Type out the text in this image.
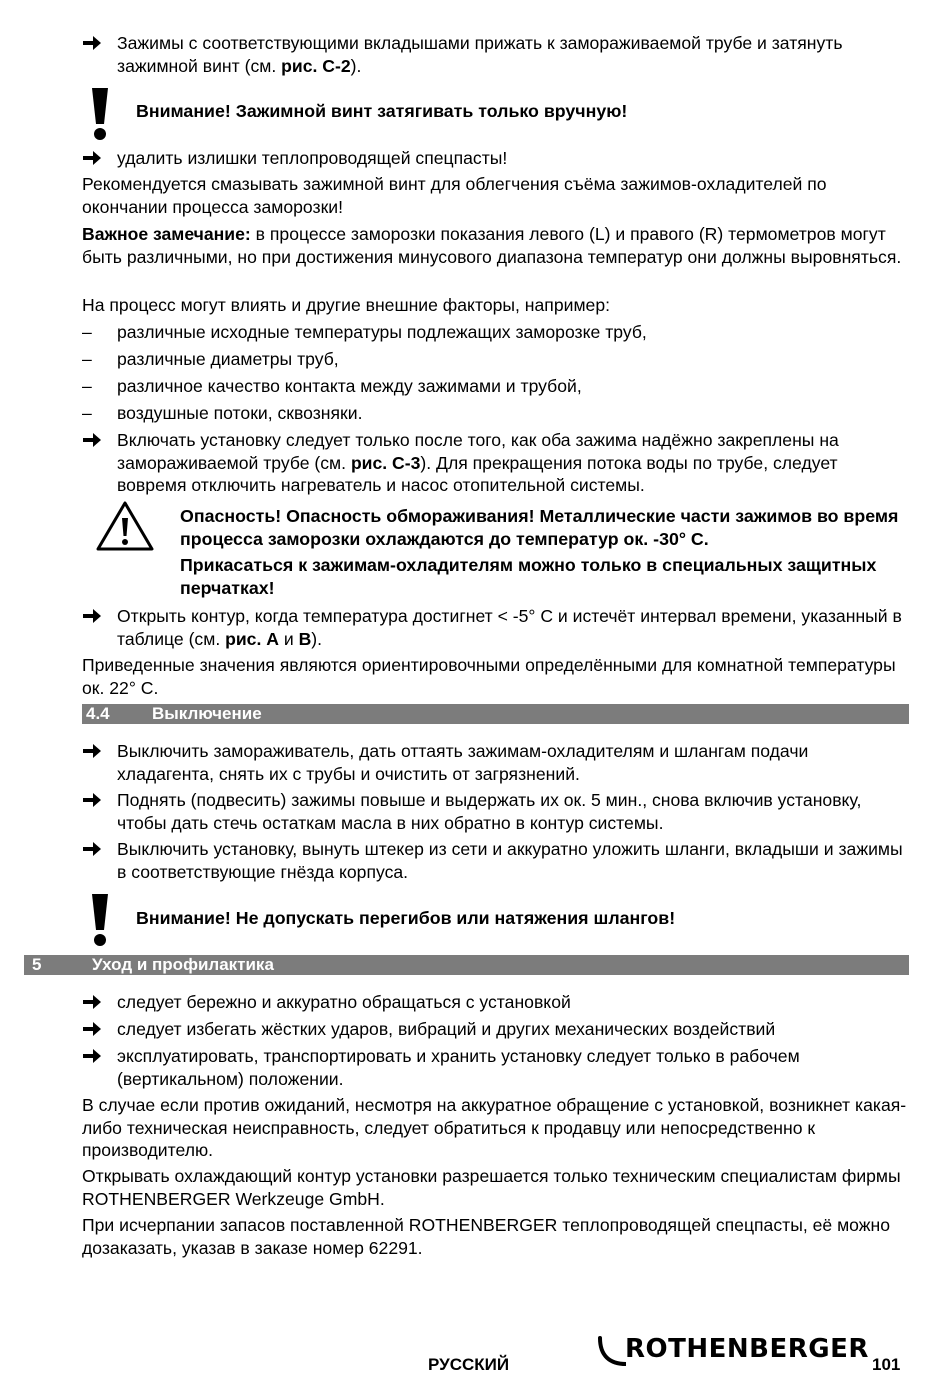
Зажимы с соответствующими вкладышами прижать к замораживаемой трубе и затянуть зажимной винт (см. рис. С-2).
Внимание! Зажимной винт затягивать только вручную!
удалить излишки теплопроводящей спецпасты!

Рекомендуется смазывать зажимной винт для облегчения съёма зажимов-охладителей по окончании процесса заморозки!

Важное замечание: в процессе заморозки показания левого (L) и правого (R) термометров могут быть различными, но при достижения минусового диапазона температур они должны выровняться.

На процесс могут влиять и другие внешние факторы, например:

–	различные исходные температуры подлежащих заморозке труб,
–	различные диаметры труб,
–	различное качество контакта между зажимами и трубой,
–	воздушные потоки, сквозняки.
Включать установку следует только после того, как оба зажима надёжно закреплены на замораживаемой трубе (см. рис. С-3). Для прекращения потока воды по трубе, следует вовремя отключить нагреватель и насос отопительной системы.
Опасность! Опасность обмораживания! Металлические части зажимов во время процесса заморозки охлаждаются до температур ок. -30° С.
Прикасаться к зажимам-охладителям можно только в специальных защитных перчатках!
Открыть контур, когда температура достигнет < -5° С и истечёт интервал времени, указанный в таблице (см. рис. А и В).

Приведенные значения являются ориентировочными определёнными для комнатной температуры ок. 22° С.

4.4 Выключение
Выключить замораживатель, дать оттаять зажимам-охладителям и шлангам подачи хладагента, снять их с трубы и очистить от загрязнений.
Поднять (подвесить) зажимы повыше и выдержать их ок. 5 мин., снова включив установку, чтобы дать стечь остаткам масла в них обратно в контур системы.
Выключить установку, вынуть штекер из сети и аккуратно уложить шланги, вкладыши и зажимы в соответствующие гнёзда корпуса.
Внимание! Не допускать перегибов или натяжения шлангов!
5	Уход и профилактика
следует бережно и аккуратно обращаться с установкой
следует избегать жёстких ударов, вибраций и других механических воздействий
эксплуатировать, транспортировать и хранить установку следует только в рабочем (вертикальном) положении.

В случае если против ожиданий, несмотря на аккуратное обращение с установкой, возникнет какая-либо техническая неисправность, следует обратиться к продавцу или непосредственно к производителю.

Открывать охлаждающий контур установки разрешается только техническим специалистам фирмы ROTHENBERGER Werkzeuge GmbH.

При исчерпании запасов поставленной ROTHENBERGER теплопроводящей спецпасты, её можно дозаказать, указав в заказе номер 62291.

РУССКИЙ
ROTHENBERGER
101
